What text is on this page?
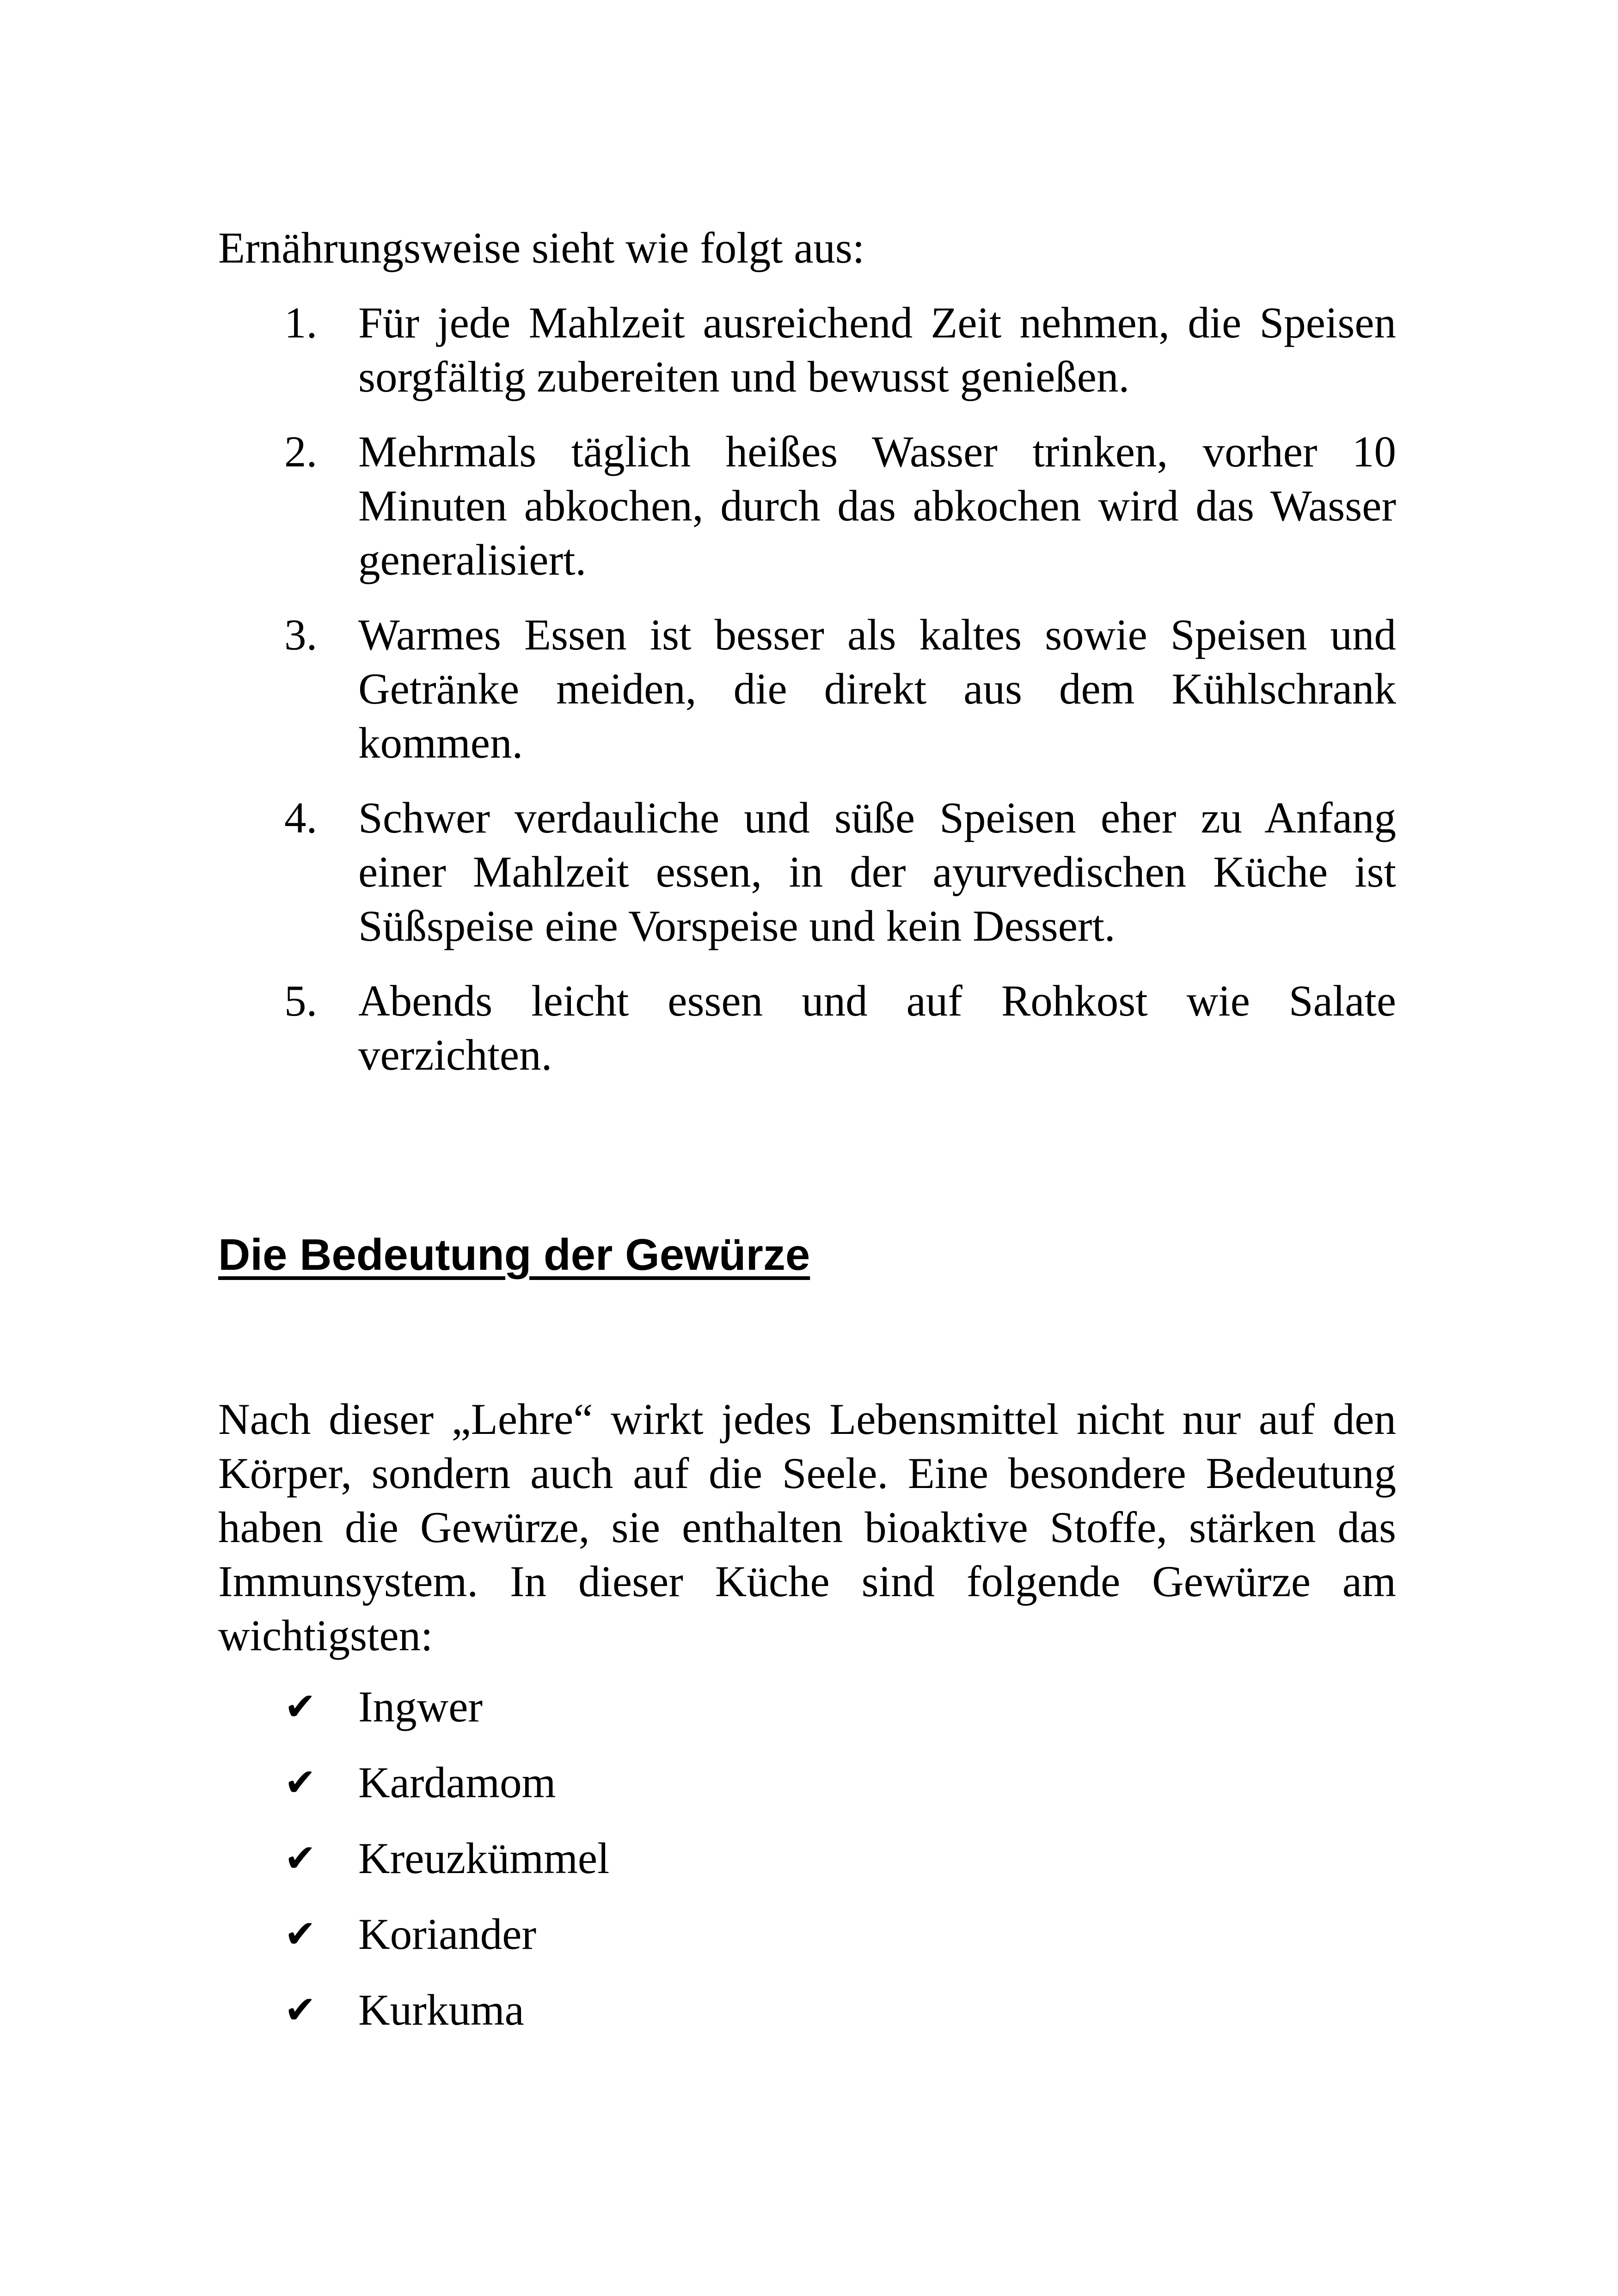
Ernährungsweise sieht wie folgt aus:
1. Für jede Mahlzeit ausreichend Zeit nehmen, die Speisen sorgfältig zubereiten und bewusst genießen.
2. Mehrmals täglich heißes Wasser trinken, vorher 10 Minuten abkochen, durch das abkochen wird das Wasser generalisiert.
3. Warmes Essen ist besser als kaltes sowie Speisen und Getränke meiden, die direkt aus dem Kühlschrank kommen.
4. Schwer verdauliche und süße Speisen eher zu Anfang einer Mahlzeit essen, in der ayurvedischen Küche ist Süßspeise eine Vorspeise und kein Dessert.
5. Abends leicht essen und auf Rohkost wie Salate verzichten.
Die Bedeutung der Gewürze
Nach dieser „Lehre“ wirkt jedes Lebensmittel nicht nur auf den Körper, sondern auch auf die Seele. Eine besondere Bedeutung haben die Gewürze, sie enthalten bioaktive Stoffe, stärken das Immunsystem. In dieser Küche sind folgende Gewürze am wichtigsten:
✔ Ingwer
✔ Kardamom
✔ Kreuzkümmel
✔ Koriander
✔ Kurkuma
